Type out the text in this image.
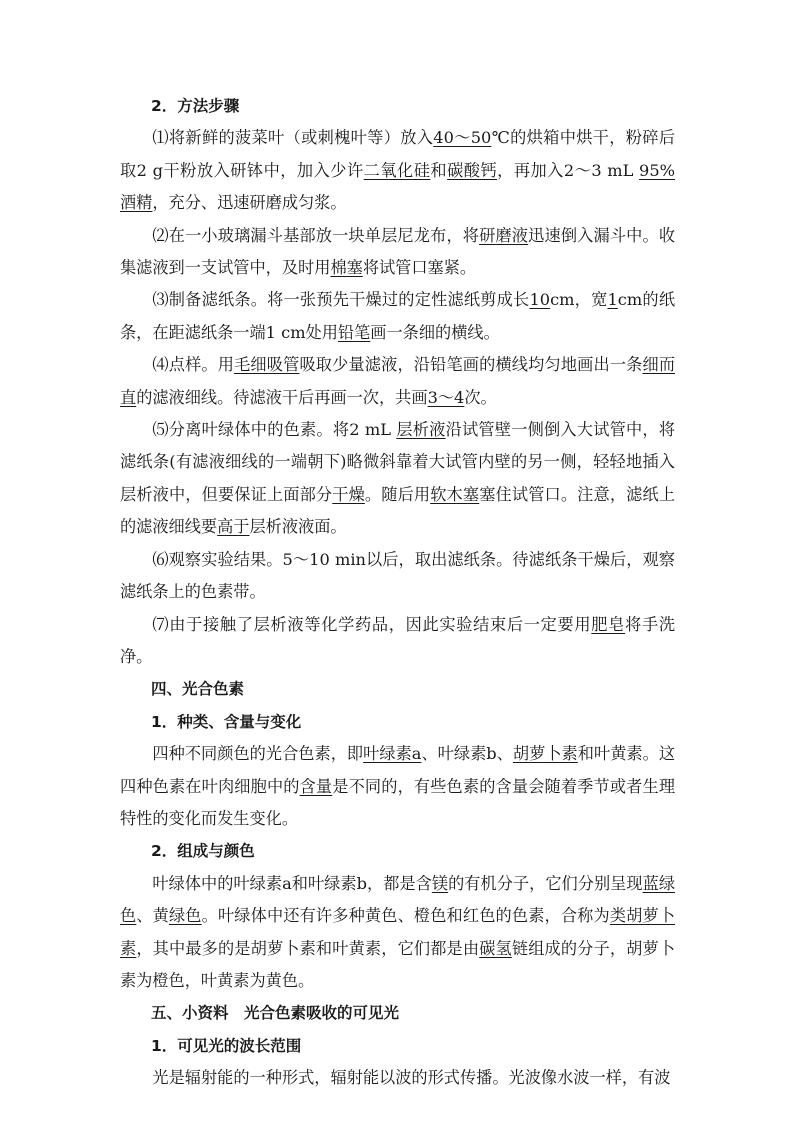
2．方法步骤

⑴将新鲜的菠菜叶（或刺槐叶等）放入40～50℃的烘箱中烘干，粉碎后取2 g干粉放入研钵中，加入少许二氧化硅和碳酸钙，再加入2～3 mL 95%酒精，充分、迅速研磨成匀浆。

⑵在一小玻璃漏斗基部放一块单层尼龙布，将研磨液迅速倒入漏斗中。收集滤液到一支试管中，及时用棉塞将试管口塞紧。

⑶制备滤纸条。将一张预先干燥过的定性滤纸剪成长10cm，宽1cm的纸条，在距滤纸条一端1 cm处用铅笔画一条细的横线。

⑷点样。用毛细吸管吸取少量滤液，沿铅笔画的横线均匀地画出一条细而直的滤液细线。待滤液干后再画一次，共画3～4次。

⑸分离叶绿体中的色素。将2 mL 层析液沿试管壁一侧倒入大试管中，将滤纸条(有滤液细线的一端朝下)略微斜靠着大试管内壁的另一侧，轻轻地插入层析液中，但要保证上面部分干燥。随后用软木塞塞住试管口。注意，滤纸上的滤液细线要高于层析液液面。

⑹观察实验结果。5～10 min以后，取出滤纸条。待滤纸条干燥后，观察滤纸条上的色素带。

⑺由于接触了层析液等化学药品，因此实验结束后一定要用肥皂将手洗净。

四、光合色素

1．种类、含量与变化

四种不同颜色的光合色素，即叶绿素a、叶绿素b、胡萝卜素和叶黄素。这四种色素在叶肉细胞中的含量是不同的，有些色素的含量会随着季节或者生理特性的变化而发生变化。

2．组成与颜色

叶绿体中的叶绿素a和叶绿素b，都是含镁的有机分子，它们分别呈现蓝绿色、黄绿色。叶绿体中还有许多种黄色、橙色和红色的色素，合称为类胡萝卜素，其中最多的是胡萝卜素和叶黄素，它们都是由碳氢链组成的分子，胡萝卜素为橙色，叶黄素为黄色。

五、小资料　光合色素吸收的可见光

1．可见光的波长范围

光是辐射能的一种形式，辐射能以波的形式传播。光波像水波一样，有波
